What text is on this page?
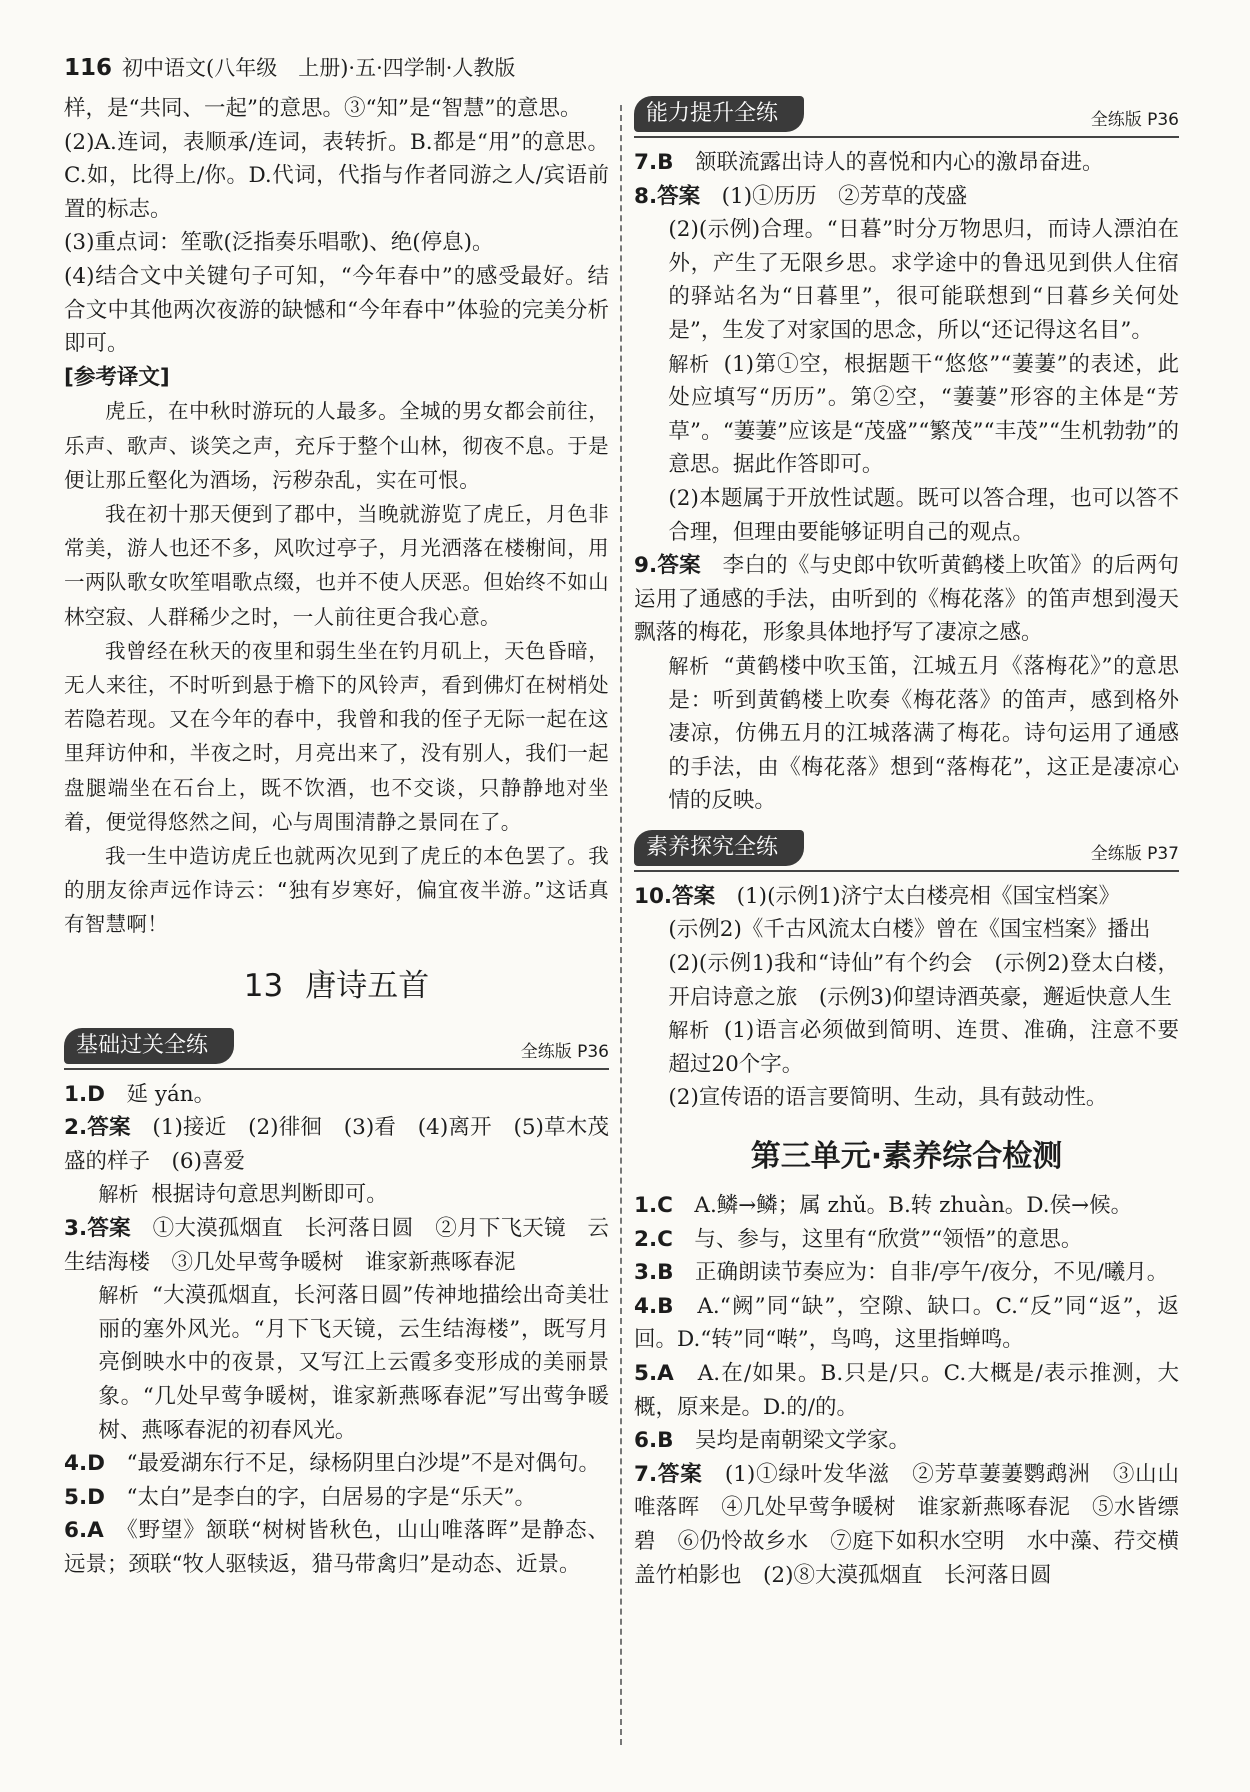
116 初中语文(八年级　上册)·五·四学制·人教版

样，是“共同、一起”的意思。③“知”是“智慧”的意思。

(2)A.连词，表顺承/连词，表转折。B.都是“用”的意思。C.如，比得上/你。D.代词，代指与作者同游之人/宾语前置的标志。

(3)重点词：笙歌(泛指奏乐唱歌)、绝(停息)。

(4)结合文中关键句子可知，“今年春中”的感受最好。结合文中其他两次夜游的缺憾和“今年春中”体验的完美分析即可。

[参考译文]

虎丘，在中秋时游玩的人最多。全城的男女都会前往，乐声、歌声、谈笑之声，充斥于整个山林，彻夜不息。于是便让那丘壑化为酒场，污秽杂乱，实在可恨。

我在初十那天便到了郡中，当晚就游览了虎丘，月色非常美，游人也还不多，风吹过亭子，月光洒落在楼榭间，用一两队歌女吹笙唱歌点缀，也并不使人厌恶。但始终不如山林空寂、人群稀少之时，一人前往更合我心意。

我曾经在秋天的夜里和弱生坐在钓月矶上，天色昏暗，无人来往，不时听到悬于檐下的风铃声，看到佛灯在树梢处若隐若现。又在今年的春中，我曾和我的侄子无际一起在这里拜访仲和，半夜之时，月亮出来了，没有别人，我们一起盘腿端坐在石台上，既不饮酒，也不交谈，只静静地对坐着，便觉得悠然之间，心与周围清静之景同在了。

我一生中造访虎丘也就两次见到了虎丘的本色罢了。我的朋友徐声远作诗云：“独有岁寒好，偏宜夜半游。”这话真有智慧啊！

13 唐诗五首
基础过关全练	全练版 P36

1.D　 延 yán。

2.答案　 (1)接近　(2)徘徊　(3)看　(4)离开　(5)草木茂盛的样子　(6)喜爱

解析 根据诗句意思判断即可。

3.答案　 ①大漠孤烟直　长河落日圆　②月下飞天镜　云生结海楼　③几处早莺争暖树　谁家新燕啄春泥

解析 “大漠孤烟直，长河落日圆”传神地描绘出奇美壮丽的塞外风光。“月下飞天镜，云生结海楼”，既写月亮倒映水中的夜景，又写江上云霞多变形成的美丽景象。“几处早莺争暖树，谁家新燕啄春泥”写出莺争暖树、燕啄春泥的初春风光。

4.D　 “最爱湖东行不足，绿杨阴里白沙堤”不是对偶句。

5.D　 “太白”是李白的字，白居易的字是“乐天”。

6.A　 《野望》颔联“树树皆秋色，山山唯落晖”是静态、远景；颈联“牧人驱犊返，猎马带禽归”是动态、近景。

能力提升全练	全练版 P36

7.B　 颔联流露出诗人的喜悦和内心的激昂奋进。

8.答案　 (1)①历历　②芳草的茂盛

(2)(示例)合理。“日暮”时分万物思归，而诗人漂泊在外，产生了无限乡思。求学途中的鲁迅见到供人住宿的驿站名为“日暮里”，很可能联想到“日暮乡关何处是”，生发了对家国的思念，所以“还记得这名目”。

解析 (1)第①空，根据题干“悠悠”“萋萋”的表述，此处应填写“历历”。第②空，“萋萋”形容的主体是“芳草”。“萋萋”应该是“茂盛”“繁茂”“丰茂”“生机勃勃”的意思。据此作答即可。

(2)本题属于开放性试题。既可以答合理，也可以答不合理，但理由要能够证明自己的观点。

9.答案　 李白的《与史郎中钦听黄鹤楼上吹笛》的后两句运用了通感的手法，由听到的《梅花落》的笛声想到漫天飘落的梅花，形象具体地抒写了凄凉之感。

解析 “黄鹤楼中吹玉笛，江城五月《落梅花》”的意思是：听到黄鹤楼上吹奏《梅花落》的笛声，感到格外凄凉，仿佛五月的江城落满了梅花。诗句运用了通感的手法，由《梅花落》想到“落梅花”，这正是凄凉心情的反映。

素养探究全练	全练版 P37

10.答案　 (1)(示例1)济宁太白楼亮相《国宝档案》

(示例2)《千古风流太白楼》曾在《国宝档案》播出

(2)(示例1)我和“诗仙”有个约会　(示例2)登太白楼，开启诗意之旅　(示例3)仰望诗酒英豪，邂逅快意人生

解析 (1)语言必须做到简明、连贯、准确，注意不要超过20个字。

(2)宣传语的语言要简明、生动，具有鼓动性。

第三单元·素养综合检测

1.C　 A.鳞→鳞；属 zhǔ。B.转 zhuàn。D.侯→候。

2.C　 与、参与，这里有“欣赏”“领悟”的意思。

3.B　 正确朗读节奏应为：自非/亭午/夜分，不见/曦月。

4.B　 A.“阙”同“缺”，空隙、缺口。C.“反”同“返”，返回。D.“转”同“啭”，鸟鸣，这里指蝉鸣。

5.A　 A.在/如果。B.只是/只。C.大概是/表示推测，大概，原来是。D.的/的。

6.B　 吴均是南朝梁文学家。

7.答案　 (1)①绿叶发华滋　②芳草萋萋鹦鹉洲　③山山唯落晖　④几处早莺争暖树　谁家新燕啄春泥　⑤水皆缥碧　⑥仍怜故乡水　⑦庭下如积水空明　水中藻、荇交横　盖竹柏影也　(2)⑧大漠孤烟直　长河落日圆
